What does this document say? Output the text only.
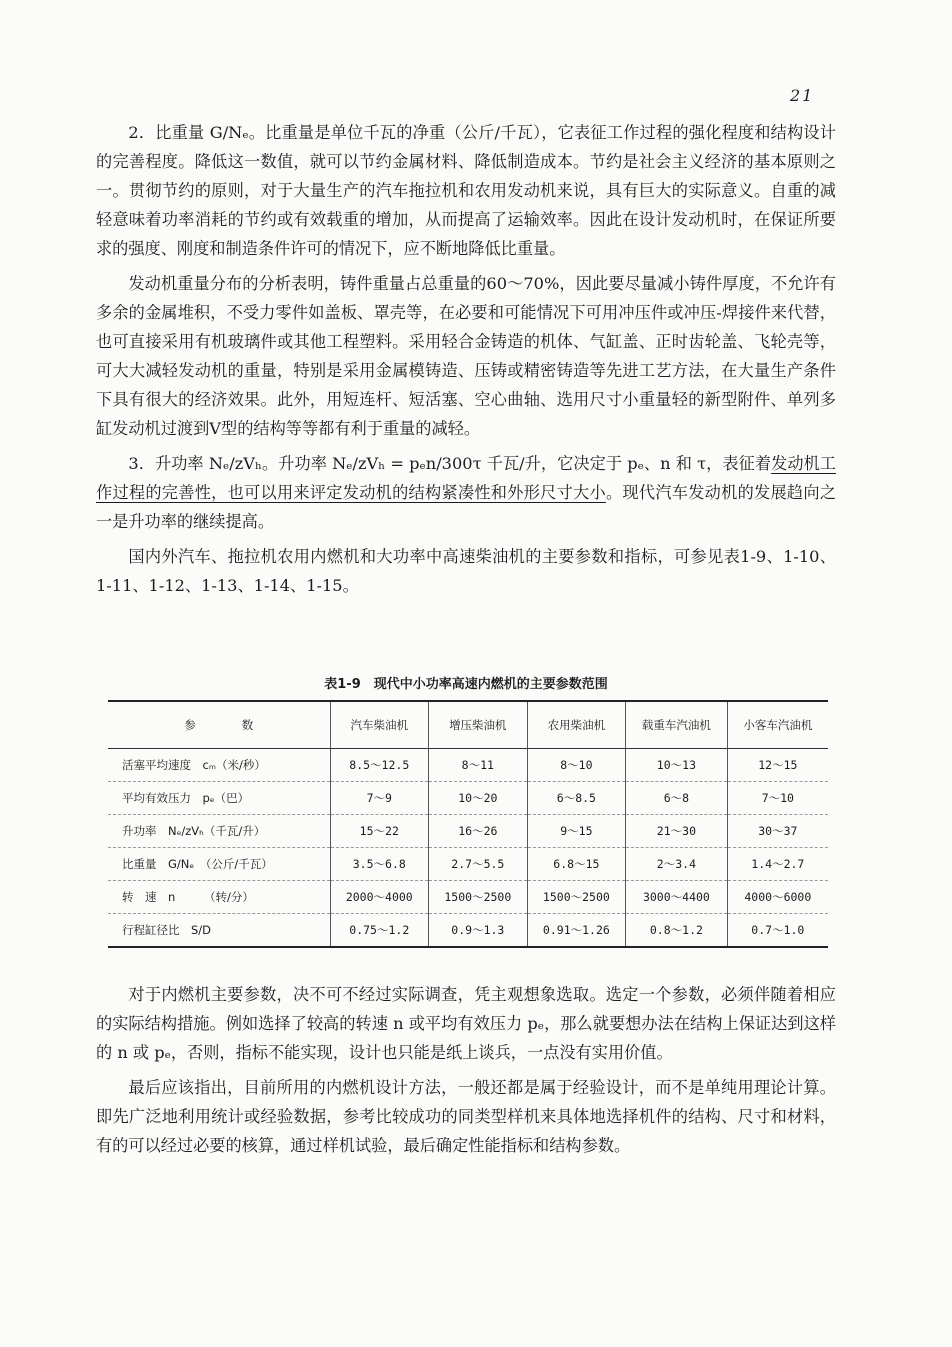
21

2．比重量 G/Nₑ。比重量是单位千瓦的净重（公斤/千瓦），它表征工作过程的强化程度和结构设计的完善程度。降低这一数值，就可以节约金属材料、降低制造成本。节约是社会主义经济的基本原则之一。贯彻节约的原则，对于大量生产的汽车拖拉机和农用发动机来说，具有巨大的实际意义。自重的减轻意味着功率消耗的节约或有效载重的增加，从而提高了运输效率。因此在设计发动机时，在保证所要求的强度、刚度和制造条件许可的情况下，应不断地降低比重量。

发动机重量分布的分析表明，铸件重量占总重量的60～70%，因此要尽量减小铸件厚度，不允许有多余的金属堆积，不受力零件如盖板、罩壳等，在必要和可能情况下可用冲压件或冲压-焊接件来代替，也可直接采用有机玻璃件或其他工程塑料。采用轻合金铸造的机体、气缸盖、正时齿轮盖、飞轮壳等，可大大减轻发动机的重量，特别是采用金属模铸造、压铸或精密铸造等先进工艺方法，在大量生产条件下具有很大的经济效果。此外，用短连杆、短活塞、空心曲轴、选用尺寸小重量轻的新型附件、单列多缸发动机过渡到V型的结构等等都有利于重量的减轻。

3．升功率 Nₑ/zVₕ。升功率 Nₑ/zVₕ = pₑn/300τ 千瓦/升，它决定于 pₑ、n 和 τ，表征着发动机工作过程的完善性，也可以用来评定发动机的结构紧凑性和外形尺寸大小。现代汽车发动机的发展趋向之一是升功率的继续提高。

国内外汽车、拖拉机农用内燃机和大功率中高速柴油机的主要参数和指标，可参见表1-9、1-10、1-11、1-12、1-13、1-14、1-15。

表1-9　现代中小功率高速内燃机的主要参数范围
参　　　　数	汽车柴油机	增压柴油机	农用柴油机	载重车汽油机	小客车汽油机
活塞平均速度　cₘ（米/秒）	8.5～12.5	8～11	8～10	10～13	12～15
平均有效压力　pₑ（巴）	7～9	10～20	6～8.5	6～8	7～10
升功率　Nₑ/zVₕ（千瓦/升）	15～22	16～26	9～15	21～30	30～37
比重量　G/Nₑ　（公斤/千瓦）	3.5～6.8	2.7～5.5	6.8～15	2～3.4	1.4～2.7
转　速　n　　　（转/分）	2000～4000	1500～2500	1500～2500	3000～4400	4000～6000
行程缸径比　S/D	0.75～1.2	0.9～1.3	0.91～1.26	0.8～1.2	0.7～1.0

对于内燃机主要参数，决不可不经过实际调查，凭主观想象选取。选定一个参数，必须伴随着相应的实际结构措施。例如选择了较高的转速 n 或平均有效压力 pₑ，那么就要想办法在结构上保证达到这样的 n 或 pₑ，否则，指标不能实现，设计也只能是纸上谈兵，一点没有实用价值。

最后应该指出，目前所用的内燃机设计方法，一般还都是属于经验设计，而不是单纯用理论计算。即先广泛地利用统计或经验数据，参考比较成功的同类型样机来具体地选择机件的结构、尺寸和材料，有的可以经过必要的核算，通过样机试验，最后确定性能指标和结构参数。
